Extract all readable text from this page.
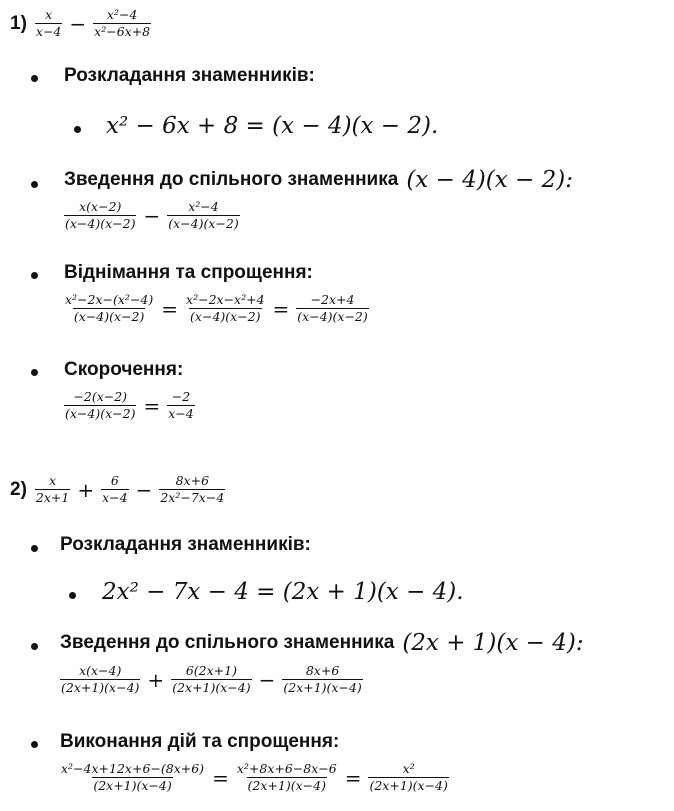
$1) \frac{x}{x-4} - \frac{\text{x²−4}}{\text{x²−6x+8}}$
Розкладання знаменників:
x² − 6x + 8 = (x − 4)(x − 2).
Зведення до спільного знаменника (x − 4)(x − 2):
$\frac{x(x-2)}{(x-4)(x-2)} - \frac{\text{x²−4}}{(x-4)(x-2)}$
Віднімання та спрощення:
$\frac{\text{x²−2x−(x²−4)}}{(x-4)(x-2)} = \frac{\text{x²−2x−x²+4}}{(x-4)(x-2)} = \frac{-2x+4}{(x-4)(x-2)}$
Скорочення:
$\frac{-2(x-2)}{(x-4)(x-2)} = \frac{-2}{x-4}$
$2) \frac{x}{2x+1} + \frac{6}{x-4} - \frac{8x+6}{\text{2x²−7x−4}}$
Розкладання знаменників:
2x² − 7x − 4 = (2x + 1)(x − 4).
Зведення до спільного знаменника (2x + 1)(x − 4):
$\frac{x(x-4)}{(2x+1)(x-4)} + \frac{6(2x+1)}{(2x+1)(x-4)} - \frac{8x+6}{(2x+1)(x-4)}$
Виконання дій та спрощення:
$\frac{\text{x²−4x+12x+6−(8x+6)}}{(2x+1)(x-4)} = \frac{\text{x²+8x+6−8x−6}}{(2x+1)(x-4)} = \frac{\text{x²}}{(2x+1)(x-4)}$
